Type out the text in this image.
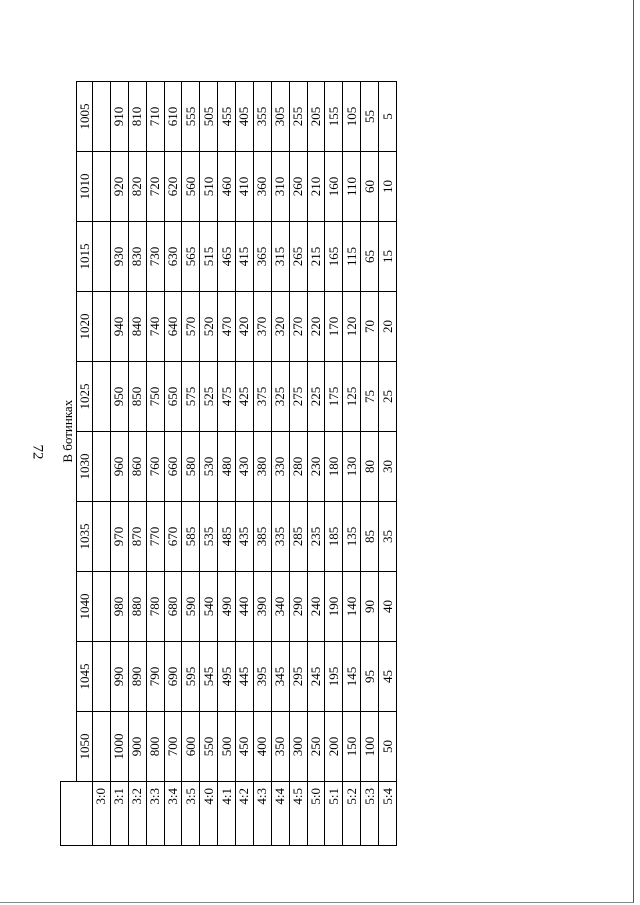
72
	В ботинках									
	1050	1045	1040	1035	1030	1025	1020	1015	1010	1005
3:0										
3:1	1000	990	980	970	960	950	940	930	920	910
3:2	900	890	880	870	860	850	840	830	820	810
3:3	800	790	780	770	760	750	740	730	720	710
3:4	700	690	680	670	660	650	640	630	620	610
3:5	600	595	590	585	580	575	570	565	560	555
4:0	550	545	540	535	530	525	520	515	510	505
4:1	500	495	490	485	480	475	470	465	460	455
4:2	450	445	440	435	430	425	420	415	410	405
4:3	400	395	390	385	380	375	370	365	360	355
4:4	350	345	340	335	330	325	320	315	310	305
4:5	300	295	290	285	280	275	270	265	260	255
5:0	250	245	240	235	230	225	220	215	210	205
5:1	200	195	190	185	180	175	170	165	160	155
5:2	150	145	140	135	130	125	120	115	110	105
5:3	100	95	90	85	80	75	70	65	60	55
5:4	50	45	40	35	30	25	20	15	10	5
